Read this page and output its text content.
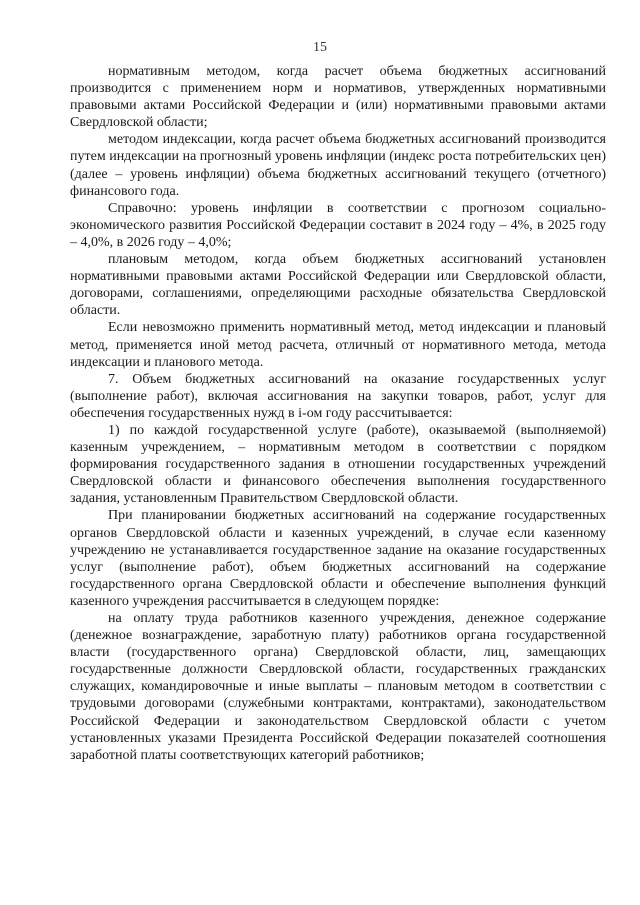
15

нормативным методом, когда расчет объема бюджетных ассигнований производится с применением норм и нормативов, утвержденных нормативными правовыми актами Российской Федерации и (или) нормативными правовыми актами Свердловской области;

методом индексации, когда расчет объема бюджетных ассигнований производится путем индексации на прогнозный уровень инфляции (индекс роста потребительских цен) (далее – уровень инфляции) объема бюджетных ассигнований текущего (отчетного) финансового года.

Справочно: уровень инфляции в соответствии с прогнозом социально-экономического развития Российской Федерации составит в 2024 году – 4%, в 2025 году – 4,0%, в 2026 году – 4,0%;

плановым методом, когда объем бюджетных ассигнований установлен нормативными правовыми актами Российской Федерации или Свердловской области, договорами, соглашениями, определяющими расходные обязательства Свердловской области.

Если невозможно применить нормативный метод, метод индексации и плановый метод, применяется иной метод расчета, отличный от нормативного метода, метода индексации и планового метода.

7. Объем бюджетных ассигнований на оказание государственных услуг (выполнение работ), включая ассигнования на закупки товаров, работ, услуг для обеспечения государственных нужд в i-ом году рассчитывается:

1) по каждой государственной услуге (работе), оказываемой (выполняемой) казенным учреждением, – нормативным методом в соответствии с порядком формирования государственного задания в отношении государственных учреждений Свердловской области и финансового обеспечения выполнения государственного задания, установленным Правительством Свердловской области.

При планировании бюджетных ассигнований на содержание государственных органов Свердловской области и казенных учреждений, в случае если казенному учреждению не устанавливается государственное задание на оказание государственных услуг (выполнение работ), объем бюджетных ассигнований на содержание государственного органа Свердловской области и обеспечение выполнения функций казенного учреждения рассчитывается в следующем порядке:

на оплату труда работников казенного учреждения, денежное содержание (денежное вознаграждение, заработную плату) работников органа государственной власти (государственного органа) Свердловской области, лиц, замещающих государственные должности Свердловской области, государственных гражданских служащих, командировочные и иные выплаты – плановым методом в соответствии с трудовыми договорами (служебными контрактами, контрактами), законодательством Российской Федерации и законодательством Свердловской области с учетом установленных указами Президента Российской Федерации показателей соотношения заработной платы соответствующих категорий работников;
